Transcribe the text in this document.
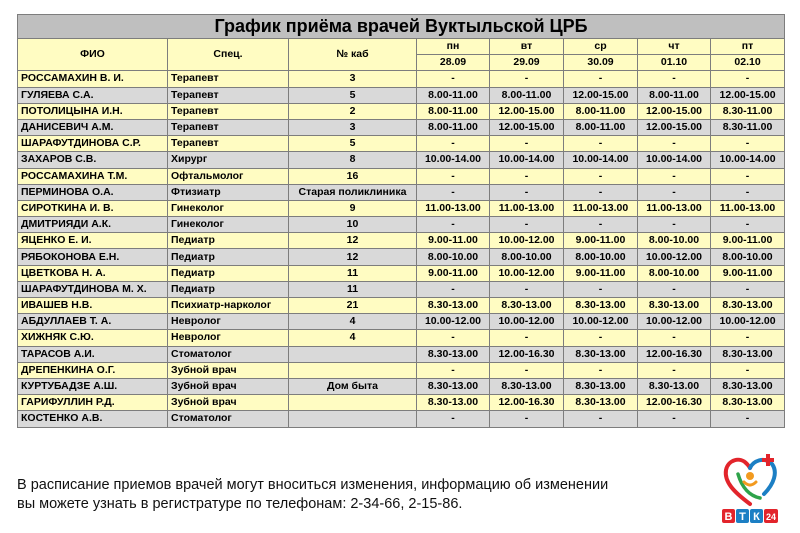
График приёма врачей Вуктыльской ЦРБ							
ФИО	Спец.	№ каб	пн	вт	ср	чт	пт
			28.09	29.09	30.09	01.10	02.10
РОССАМАХИН В. И.	Терапевт	3	-	-	-	-	-
ГУЛЯЕВА С.А.	Терапевт	5	8.00-11.00	8.00-11.00	12.00-15.00	8.00-11.00	12.00-15.00
ПОТОЛИЦЫНА И.Н.	Терапевт	2	8.00-11.00	12.00-15.00	8.00-11.00	12.00-15.00	8.30-11.00
ДАНИСЕВИЧ А.М.	Терапевт	3	8.00-11.00	12.00-15.00	8.00-11.00	12.00-15.00	8.30-11.00
ШАРАФУТДИНОВА С.Р.	Терапевт	5	-	-	-	-	-
ЗАХАРОВ С.В.	Хирург	8	10.00-14.00	10.00-14.00	10.00-14.00	10.00-14.00	10.00-14.00
РОССАМАХИНА Т.М.	Офтальмолог	16	-	-	-	-	-
ПЕРМИНОВА О.А.	Фтизиатр	Старая поликлиника	-	-	-	-	-
СИРОТКИНА И. В.	Гинеколог	9	11.00-13.00	11.00-13.00	11.00-13.00	11.00-13.00	11.00-13.00
ДМИТРИЯДИ А.К.	Гинеколог	10	-	-	-	-	-
ЯЦЕНКО Е. И.	Педиатр	12	9.00-11.00	10.00-12.00	9.00-11.00	8.00-10.00	9.00-11.00
РЯБОКОНОВА Е.Н.	Педиатр	12	8.00-10.00	8.00-10.00	8.00-10.00	10.00-12.00	8.00-10.00
ЦВЕТКОВА Н. А.	Педиатр	11	9.00-11.00	10.00-12.00	9.00-11.00	8.00-10.00	9.00-11.00
ШАРАФУТДИНОВА М. Х.	Педиатр	11	-	-	-	-	-
ИВАШЕВ Н.В.	Психиатр-нарколог	21	8.30-13.00	8.30-13.00	8.30-13.00	8.30-13.00	8.30-13.00
АБДУЛЛАЕВ Т. А.	Невролог	4	10.00-12.00	10.00-12.00	10.00-12.00	10.00-12.00	10.00-12.00
ХИЖНЯК С.Ю.	Невролог	4	-	-	-	-	-
ТАРАСОВ А.И.	Стоматолог		8.30-13.00	12.00-16.30	8.30-13.00	12.00-16.30	8.30-13.00
ДРЕПЕНКИНА О.Г.	Зубной врач		-	-	-	-	-
КУРТУБАДЗЕ А.Ш.	Зубной врач	Дом быта	8.30-13.00	8.30-13.00	8.30-13.00	8.30-13.00	8.30-13.00
ГАРИФУЛЛИН Р.Д.	Зубной врач		8.30-13.00	12.00-16.30	8.30-13.00	12.00-16.30	8.30-13.00
КОСТЕНКО А.В.	Стоматолог		-	-	-	-	-
В расписание приемов врачей могут вноситься изменения, информацию об изменении
вы можете узнать в регистратуре по телефонам: 2-34-66, 2-15-86.
В Т К 24
